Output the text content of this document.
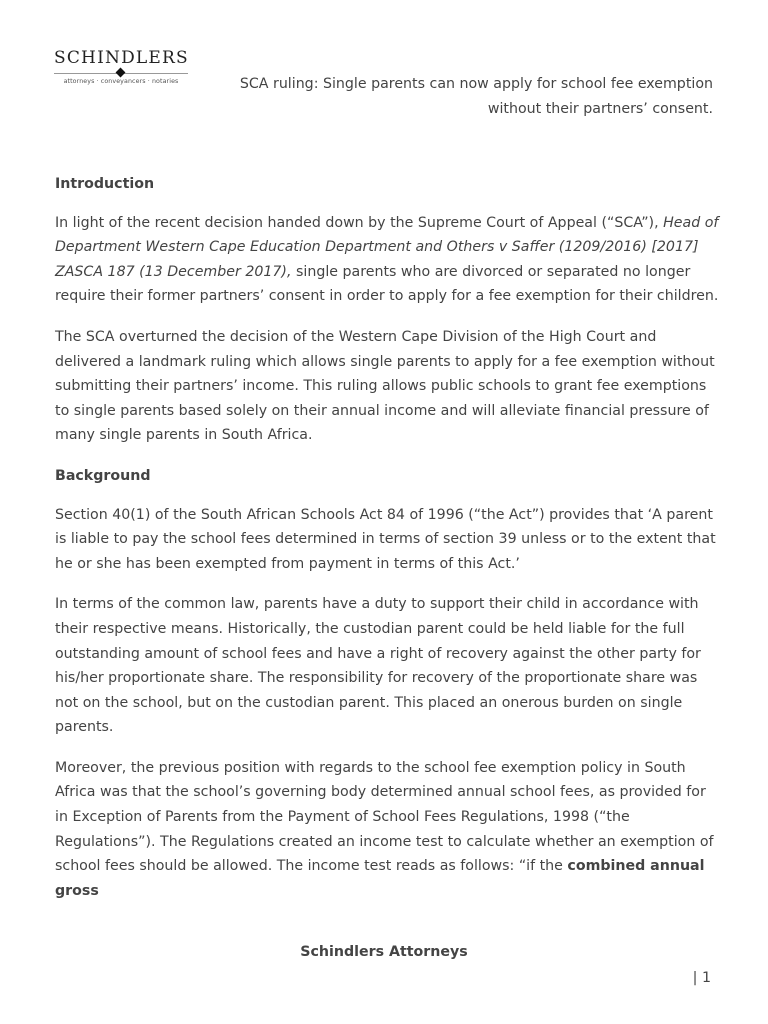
SCHINDLERS
attorneys · conveyancers · notaries	SCA ruling: Single parents can now apply for school fee exemption
without their partners’ consent.
Introduction

In light of the recent decision handed down by the Supreme Court of Appeal (“SCA”), Head of Department Western Cape Education Department and Others v Saffer (1209/2016) [2017] ZASCA 187 (13 December 2017), single parents who are divorced or separated no longer require their former partners’ consent in order to apply for a fee exemption for their children.

The SCA overturned the decision of the Western Cape Division of the High Court and delivered a landmark ruling which allows single parents to apply for a fee exemption without submitting their partners’ income. This ruling allows public schools to grant fee exemptions to single parents based solely on their annual income and will alleviate financial pressure of many single parents in South Africa.

Background

Section 40(1) of the South African Schools Act 84 of 1996 (“the Act”) provides that ‘A parent is liable to pay the school fees determined in terms of section 39 unless or to the extent that he or she has been exempted from payment in terms of this Act.’

In terms of the common law, parents have a duty to support their child in accordance with their respective means. Historically, the custodian parent could be held liable for the full outstanding amount of school fees and have a right of recovery against the other party for his/her proportionate share. The responsibility for recovery of the proportionate share was not on the school, but on the custodian parent. This placed an onerous burden on single parents.

Moreover, the previous position with regards to the school fee exemption policy in South Africa was that the school’s governing body determined annual school fees, as provided for in Exception of Parents from the Payment of School Fees Regulations, 1998 (“the Regulations”). The Regulations created an income test to calculate whether an exemption of school fees should be allowed. The income test reads as follows: “if the combined annual gross

Schindlers Attorneys
| 1
